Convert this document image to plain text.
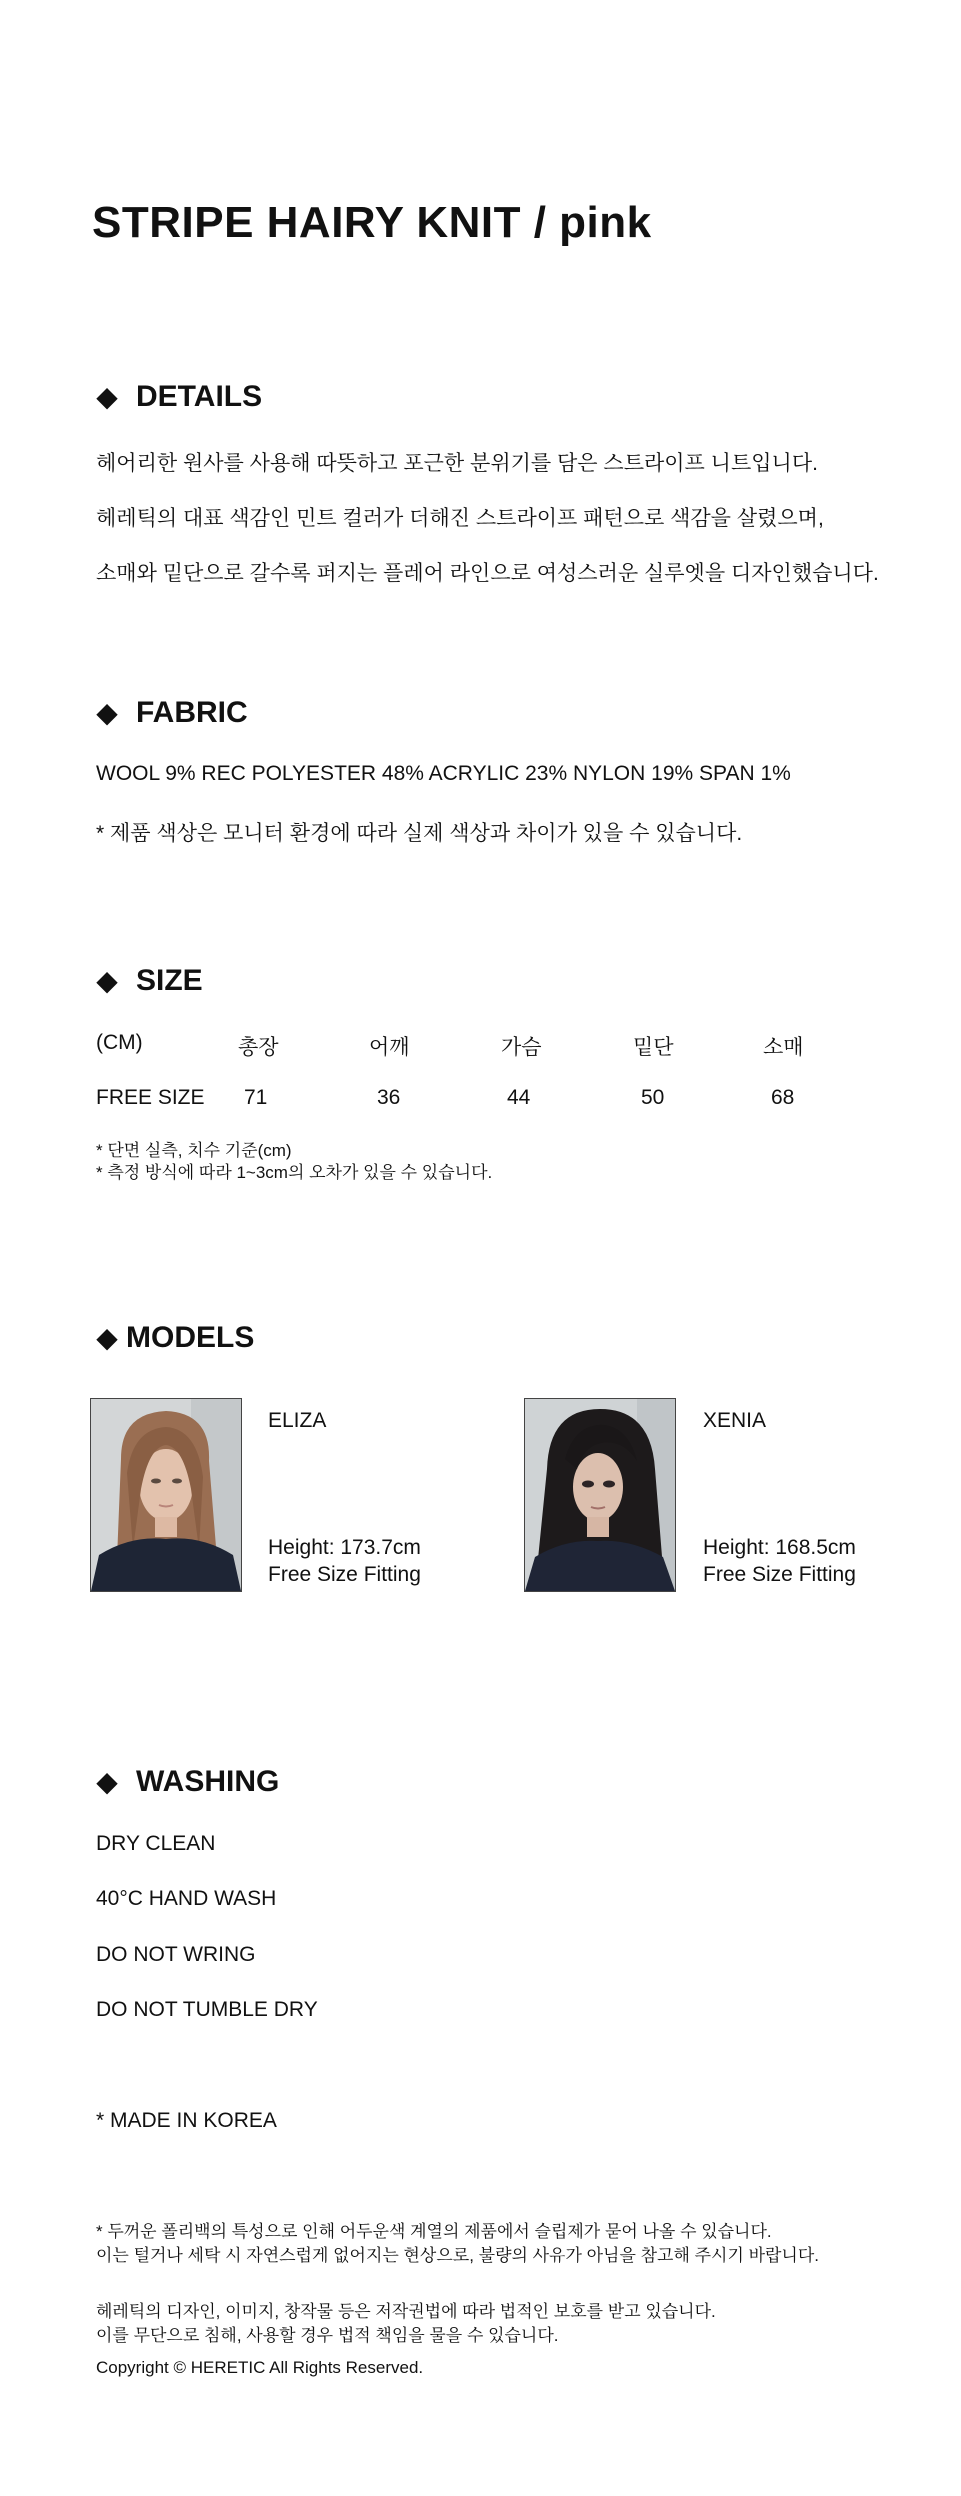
STRIPE HAIRY KNIT / pink
◆ DETAILS
헤어리한 원사를 사용해 따뜻하고 포근한 분위기를 담은 스트라이프 니트입니다.
헤레틱의 대표 색감인 민트 컬러가 더해진 스트라이프 패턴으로 색감을 살렸으며,
소매와 밑단으로 갈수록 퍼지는 플레어 라인으로 여성스러운 실루엣을 디자인했습니다.
◆ FABRIC
WOOL 9% REC POLYESTER 48% ACRYLIC 23% NYLON 19% SPAN 1%
* 제품 색상은 모니터 환경에 따라 실제 색상과 차이가 있을 수 있습니다.
◆ SIZE
(CM)	총장	어깨	가슴	밑단	소매
FREE SIZE 71	36	44	50	68
* 단면 실측, 치수 기준(cm)
* 측정 방식에 따라 1~3cm의 오차가 있을 수 있습니다.
◆ MODELS
ELIZA
Height: 173.7cm
Free Size Fitting
XENIA
Height: 168.5cm
Free Size Fitting
◆ WASHING
DRY CLEAN
40°C HAND WASH
DO NOT WRING
DO NOT TUMBLE DRY
* MADE IN KOREA
* 두꺼운 폴리백의 특성으로 인해 어두운색 계열의 제품에서 슬립제가 묻어 나올 수 있습니다.
이는 털거나 세탁 시 자연스럽게 없어지는 현상으로, 불량의 사유가 아님을 참고해 주시기 바랍니다.
헤레틱의 디자인, 이미지, 창작물 등은 저작권법에 따라 법적인 보호를 받고 있습니다.
이를 무단으로 침해, 사용할 경우 법적 책임을 물을 수 있습니다.
Copyright © HERETIC All Rights Reserved.
